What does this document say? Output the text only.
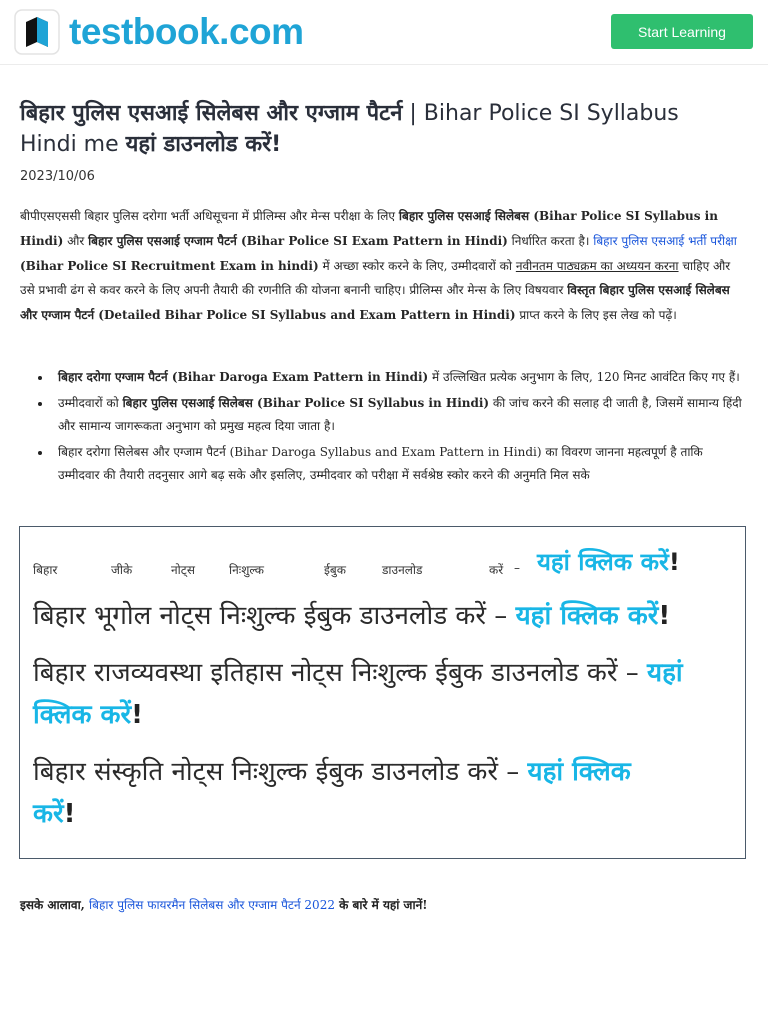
testbook.com	Start Learning
बिहार पुलिस एसआई सिलेबस और एग्जाम पैटर्न | Bihar Police SI Syllabus Hindi me यहां डाउनलोड करें!
2023/10/06

बीपीएसएससी बिहार पुलिस दरोगा भर्ती अधिसूचना में प्रीलिम्स और मेन्स परीक्षा के लिए बिहार पुलिस एसआई सिलेबस (Bihar Police SI Syllabus in Hindi) और बिहार पुलिस एसआई एग्जाम पैटर्न (Bihar Police SI Exam Pattern in Hindi) निर्धारित करता है। बिहार पुलिस एसआई भर्ती परीक्षा (Bihar Police SI Recruitment Exam in hindi) में अच्छा स्कोर करने के लिए, उम्मीदवारों को नवीनतम पाठ्यक्रम का अध्ययन करना चाहिए और उसे प्रभावी ढंग से कवर करने के लिए अपनी तैयारी की रणनीति की योजना बनानी चाहिए। प्रीलिम्स और मेन्स के लिए विषयवार विस्तृत बिहार पुलिस एसआई सिलेबस और एग्जाम पैटर्न (Detailed Bihar Police SI Syllabus and Exam Pattern in Hindi) प्राप्त करने के लिए इस लेख को पढ़ें।

बिहार दरोगा एग्जाम पैटर्न (Bihar Daroga Exam Pattern in Hindi) में उल्लिखित प्रत्येक अनुभाग के लिए, 120 मिनट आवंटित किए गए हैं।
उम्मीदवारों को बिहार पुलिस एसआई सिलेबस (Bihar Police SI Syllabus in Hindi) की जांच करने की सलाह दी जाती है, जिसमें सामान्य हिंदी और सामान्य जागरूकता अनुभाग को प्रमुख महत्व दिया जाता है।
बिहार दरोगा सिलेबस और एग्जाम पैटर्न (Bihar Daroga Syllabus and Exam Pattern in Hindi) का विवरण जानना महत्वपूर्ण है ताकि उम्मीदवार की तैयारी तदनुसार आगे बढ़ सके और इसलिए, उम्मीदवार को परीक्षा में सर्वश्रेष्ठ स्कोर करने की अनुमति मिल सके
बिहार	जीके	नोट्स	निःशुल्क	ईबुक	डाउनलोड	करें – यहां क्लिक करें!

बिहार भूगोल नोट्स निःशुल्क ईबुक डाउनलोड करें – यहां क्लिक करें!

बिहार राजव्यवस्था इतिहास नोट्स निःशुल्क ईबुक डाउनलोड करें – यहां
क्लिक करें!

बिहार संस्कृति नोट्स निःशुल्क ईबुक डाउनलोड करें – यहां क्लिक
करें!

इसके आलावा, बिहार पुलिस फायरमैन सिलेबस और एग्जाम पैटर्न 2022 के बारे में यहां जानें!
